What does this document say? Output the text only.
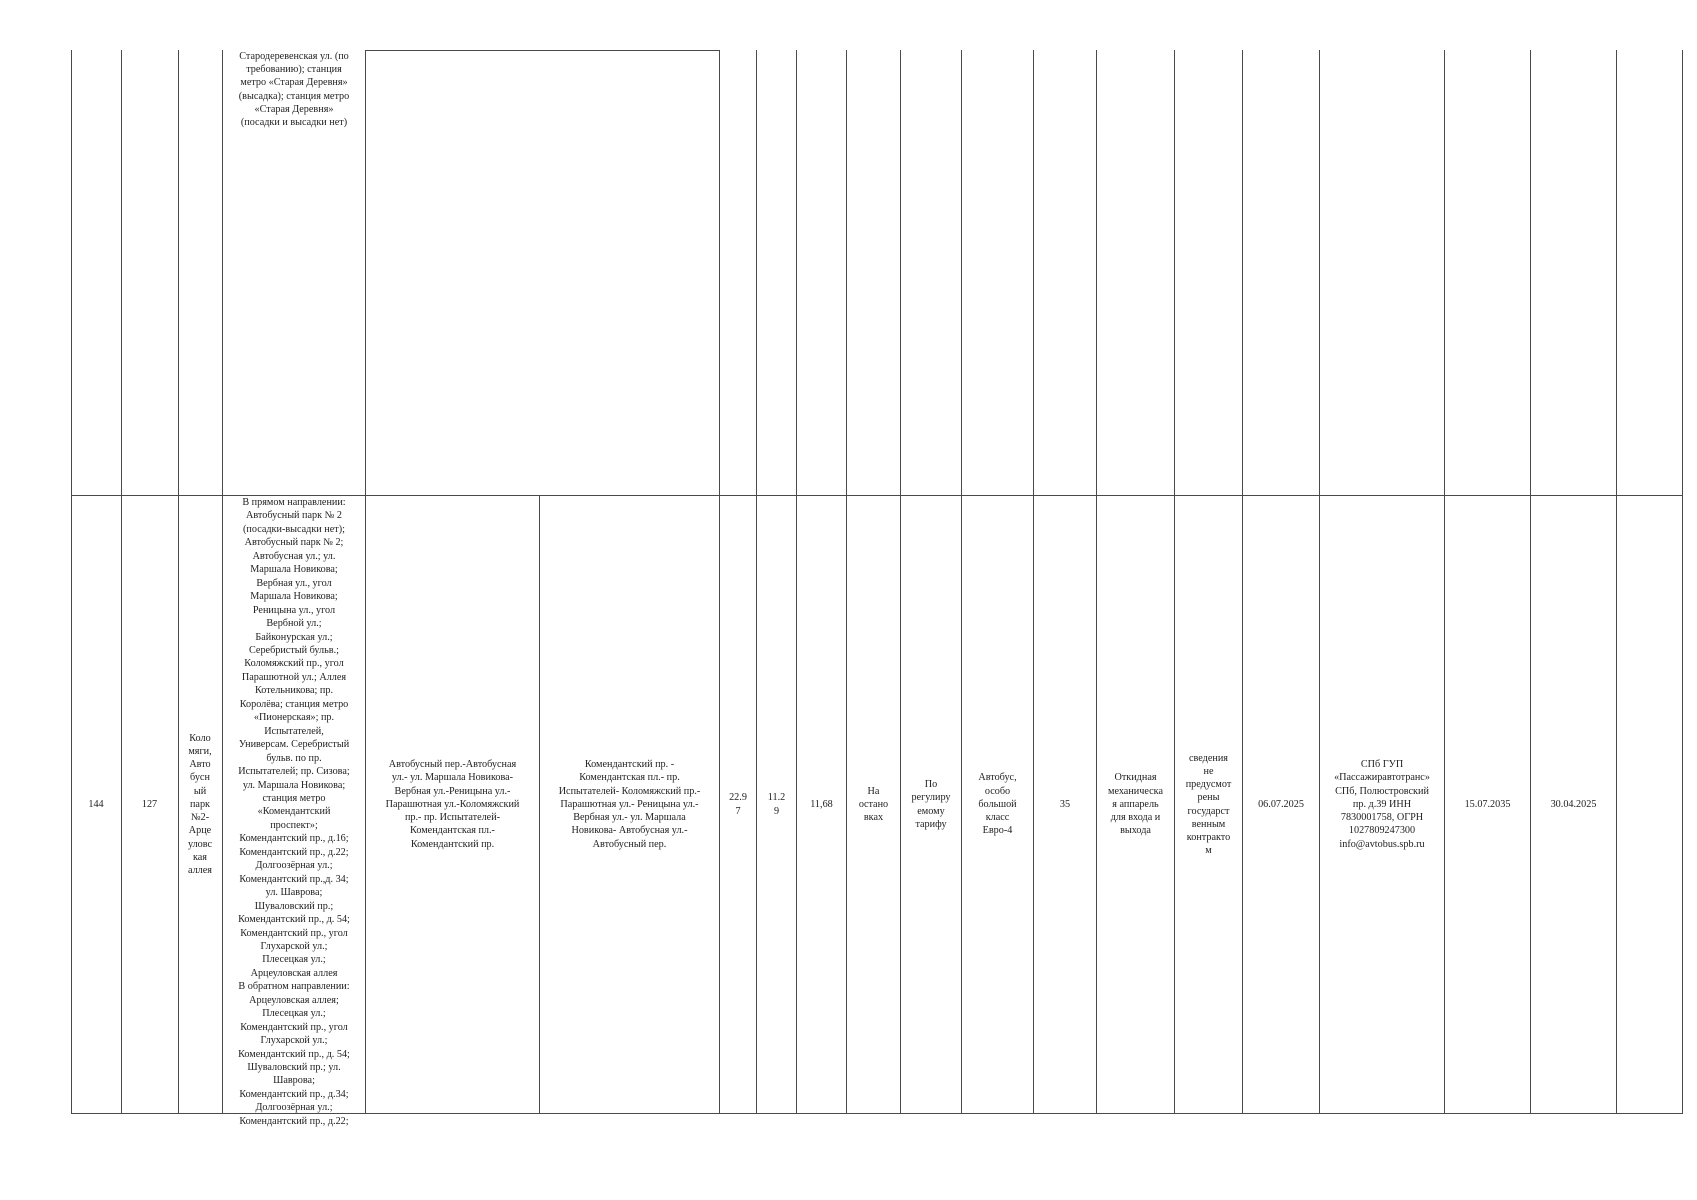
Стародеревенская ул. (по
требованию); станция
метро «Старая Деревня»
(высадка); станция метро
«Старая Деревня»
(посадки и высадки нет)
144	127
Коло
мяги,
Авто
бусн
ый
парк
№2-
Арце
уловс
кая
аллея
В прямом направлении:
Автобусный парк № 2
(посадки-высадки нет);
Автобусный парк № 2;
Автобусная ул.; ул.
Маршала Новикова;
Вербная ул., угол
Маршала Новикова;
Реницына ул., угол
Вербной ул.;
Байконурская ул.;
Серебристый бульв.;
Коломяжский пр., угол
Парашютной ул.; Аллея
Котельникова; пр.
Королёва; станция метро
«Пионерская»; пр.
Испытателей,
Универсам. Серебристый
бульв. по пр.
Испытателей; пр. Сизова;
ул. Маршала Новикова;
станция метро
«Комендантский
проспект»;
Комендантский пр., д.16;
Комендантский пр., д.22;
Долгоозёрная ул.;
Комендантский пр.,д. 34;
ул. Шаврова;
Шуваловский пр.;
Комендантский пр., д. 54;
Комендантский пр., угол
Глухарской ул.;
Плесецкая ул.;
Арцеуловская аллея
В обратном направлении:
Арцеуловская аллея;
Плесецкая ул.;
Комендантский пр., угол
Глухарской ул.;
Комендантский пр., д. 54;
Шуваловский пр.; ул.
Шаврова;
Комендантский пр., д.34;
Долгоозёрная ул.;
Комендантский пр., д.22;
Автобусный пер.-Автобусная
ул.- ул. Маршала Новикова-
Вербная ул.-Реницына ул.-
Парашютная ул.-Коломяжский
пр.- пр. Испытателей-
Комендантская пл.-
Комендантский пр.
Комендантский пр. -
Комендантская пл.- пр.
Испытателей- Коломяжский пр.-
Парашютная ул.- Реницына ул.-
Вербная ул.- ул. Маршала
Новикова- Автобусная ул.-
Автобусный пер.
22.9
7
11.2
9
11,68
На
oстано
вках
По
регулиру
емому
тарифу
Автобус,
особо
большой
класс
Евро-4
35
Откидная
механическа
я аппарель
для входа и
выхода
сведения
не
предусмот
рены
государст
венным
контракто
м
06.07.2025
СПб ГУП
«Пассажиравтотранс»
СПб, Полюстровский
пр. д.39 ИНН
7830001758, ОГРН
1027809247300
info@avtobus.spb.ru
15.07.2035	30.04.2025
